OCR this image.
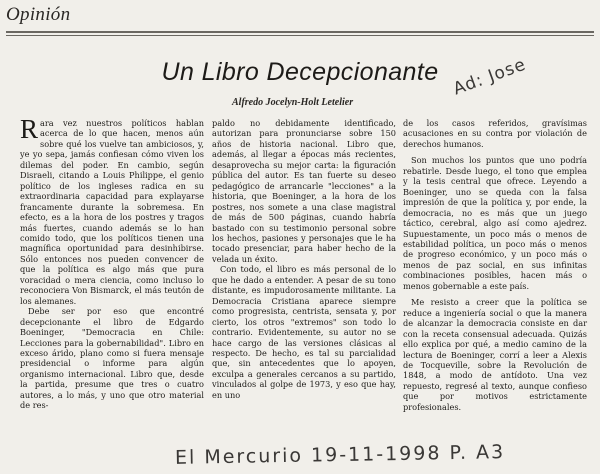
Opinión
Un Libro Decepcionante
Alfredo Jocelyn-Holt Letelier
Ad: Jose

Rara vez nuestros políticos hablan acerca de lo que hacen, menos aún sobre qué los vuelve tan ambiciosos, y, ye yo sepa, jamás confiesan cómo viven los dilemas del poder. En cambio, según Disraeli, citando a Louis Philippe, el genio político de los ingleses radica en su extraordinaria capacidad para explayarse francamente durante la sobremesa. En efecto, es a la hora de los postres y tragos más fuertes, cuando además se lo han comido todo, que los políticos tienen una magnífica oportunidad para desinhibirse. Sólo entonces nos pueden convencer de que la política es algo más que pura voracidad o mera ciencia, como incluso lo reconociera Von Bismarck, el más teutón de los alemanes.

Debe ser por eso que encontré decepcionante el libro de Edgardo Boeninger, "Democracia en Chile: Lecciones para la gobernabilidad". Libro en exceso árido, plano como si fuera mensaje presidencial o informe para algún organismo internacional. Libro que, desde la partida, presume que tres o cuatro autores, a lo más, y uno que otro material de res-

paldo no debidamente identificado, autorizan para pronunciarse sobre 150 años de historia nacional. Libro que, además, al llegar a épocas más recientes, desaprovecha su mejor carta: la figuración pública del autor. Es tan fuerte su deseo pedagógico de arrancarle "lecciones" a la historia, que Boeninger, a la hora de los postres, nos somete a una clase magistral de más de 500 páginas, cuando habría bastado con su testimonio personal sobre los hechos, pasiones y personajes que le ha tocado presenciar, para haber hecho de la velada un éxito.

Con todo, el libro es más personal de lo que he dado a entender. A pesar de su tono distante, es impudorosamente militante. La Democracia Cristiana aparece siempre como progresista, centrista, sensata y, por cierto, los otros "extremos" son todo lo contrario. Evidentemente, su autor no se hace cargo de las versiones clásicas al respecto. De hecho, es tal su parcialidad que, sin antecedentes que lo apoyen, exculpa a generales cercanos a su partido, vinculados al golpe de 1973, y eso que hay, en uno

de los casos referidos, gravísimas acusaciones en su contra por violación de derechos humanos.

Son muchos los puntos que uno podría rebatirle. Desde luego, el tono que emplea y la tesis central que ofrece. Leyendo a Boeninger, uno se queda con la falsa impresión de que la política y, por ende, la democracia, no es más que un juego táctico, cerebral, algo así como ajedrez. Supuestamente, un poco más o menos de estabilidad política, un poco más o menos de progreso económico, y un poco más o menos de paz social, en sus infinitas combinaciones posibles, hacen más o menos gobernable a este país.

Me resisto a creer que la política se reduce a ingeniería social o que la manera de alcanzar la democracia consiste en dar con la receta consensual adecuada. Quizás ello explica por qué, a medio camino de la lectura de Boeninger, corrí a leer a Alexis de Tocqueville, sobre la Revolución de 1848, a modo de antídoto. Una vez repuesto, regresé al texto, aunque confieso que por motivos estrictamente profesionales.

El Mercurio 19-11-1998 P. A3
